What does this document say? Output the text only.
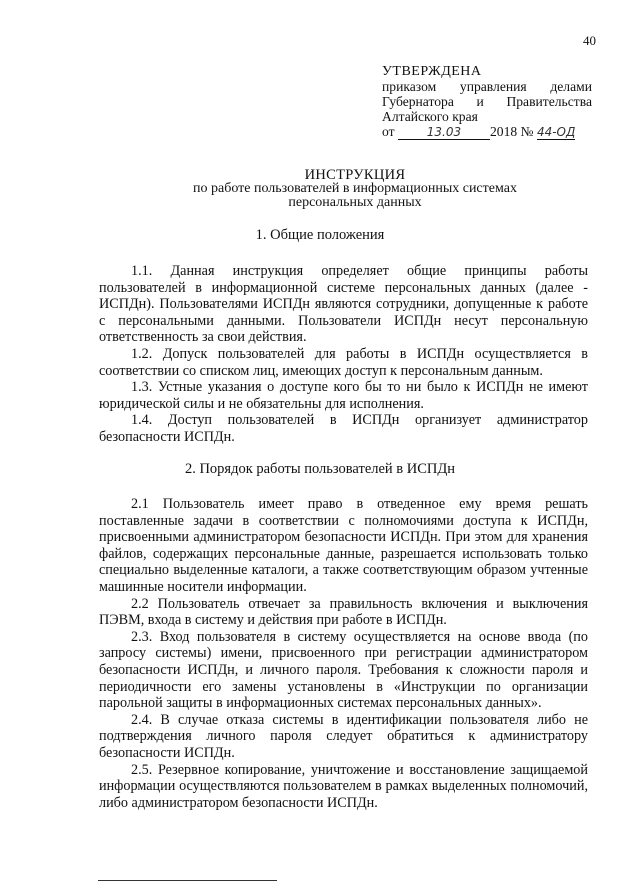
40
УТВЕРЖДЕНА
приказом управления делами
Губернатора и Правительства
Алтайского края
от	13.03 2018 № 44-ОД
ИНСТРУКЦИЯ
по работе пользователей в информационных системах
персональных данных
1. Общие положения

1.1. Данная инструкция определяет общие принципы работы пользователей в информационной системе персональных данных (далее - ИСПДн). Пользователями ИСПДн являются сотрудники, допущенные к работе с персональными данными. Пользователи ИСПДн несут персональную ответственность за свои действия.

1.2. Допуск пользователей для работы в ИСПДн осуществляется в соответствии со списком лиц, имеющих доступ к персональным данным.

1.3. Устные указания о доступе кого бы то ни было к ИСПДн не имеют юридической силы и не обязательны для исполнения.

1.4. Доступ пользователей в ИСПДн организует администратор безопасности ИСПДн.

2. Порядок работы пользователей в ИСПДн

2.1 Пользователь имеет право в отведенное ему время решать поставленные задачи в соответствии с полномочиями доступа к ИСПДн, присвоенными администратором безопасности ИСПДн. При этом для хранения файлов, содержащих персональные данные, разрешается использовать только специально выделенные каталоги, а также соответствующим образом учтенные машинные носители информации.

2.2 Пользователь отвечает за правильность включения и выключения ПЭВМ, входа в систему и действия при работе в ИСПДн.

2.3. Вход пользователя в систему осуществляется на основе ввода (по запросу системы) имени, присвоенного при регистрации администратором безопасности ИСПДн, и личного пароля. Требования к сложности пароля и периодичности его замены установлены в «Инструкции по организации парольной защиты в информационных системах персональных данных».

2.4. В случае отказа системы в идентификации пользователя либо не подтверждения личного пароля следует обратиться к администратору безопасности ИСПДн.

2.5. Резервное копирование, уничтожение и восстановление защищаемой информации осуществляются пользователем в рамках выделенных полномочий, либо администратором безопасности ИСПДн.
